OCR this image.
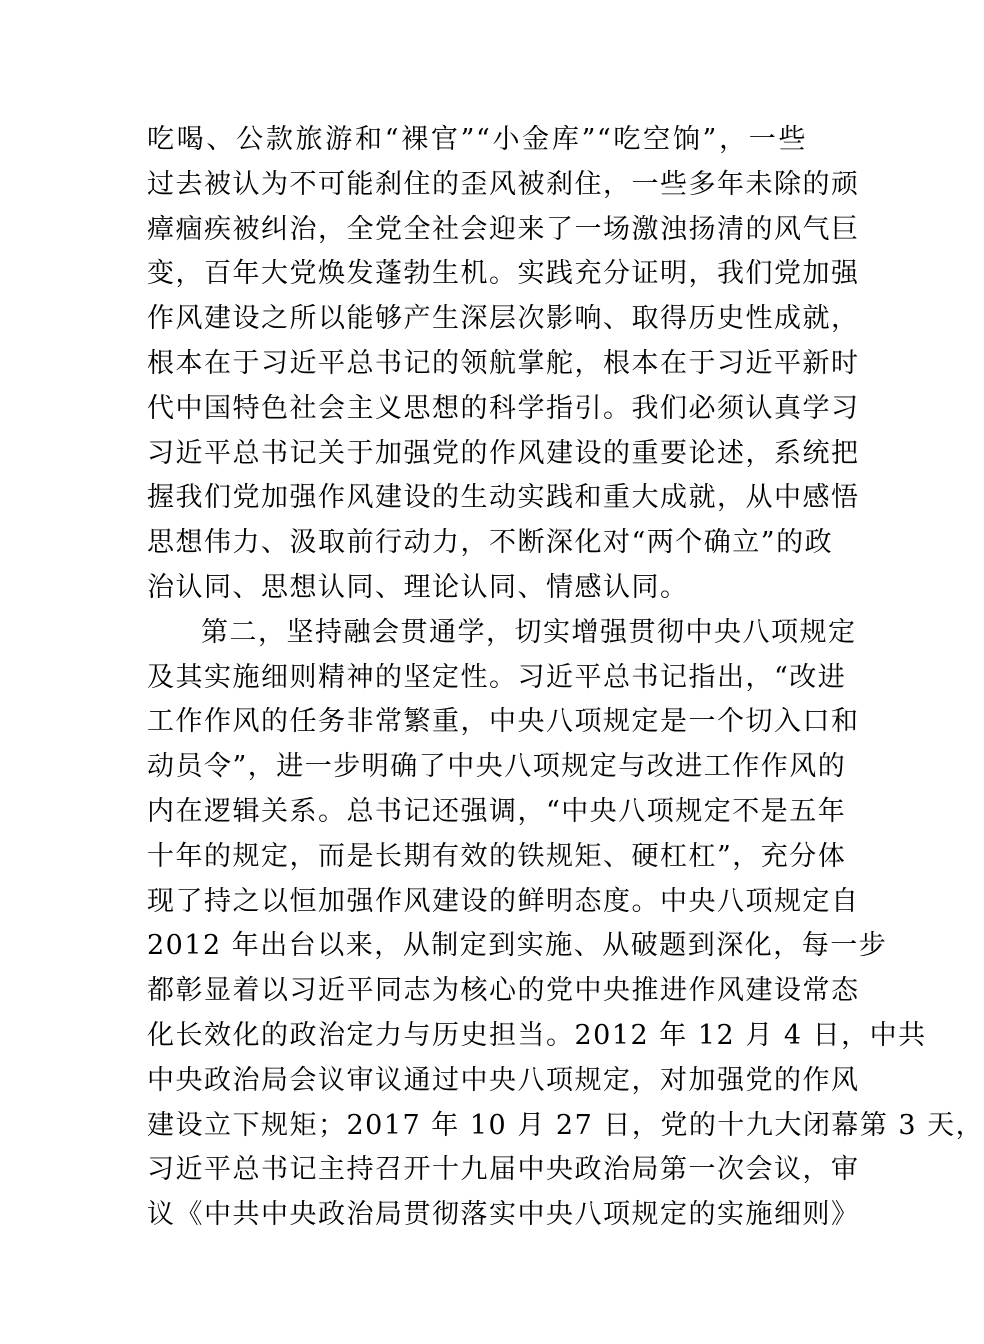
吃喝、公款旅游和“裸官”“小金库”“吃空饷”，一些
过去被认为不可能刹住的歪风被刹住，一些多年未除的顽
瘴痼疾被纠治，全党全社会迎来了一场激浊扬清的风气巨
变，百年大党焕发蓬勃生机。实践充分证明，我们党加强
作风建设之所以能够产生深层次影响、取得历史性成就，
根本在于习近平总书记的领航掌舵，根本在于习近平新时
代中国特色社会主义思想的科学指引。我们必须认真学习
习近平总书记关于加强党的作风建设的重要论述，系统把
握我们党加强作风建设的生动实践和重大成就，从中感悟
思想伟力、汲取前行动力，不断深化对“两个确立”的政
治认同、思想认同、理论认同、情感认同。
第二，坚持融会贯通学，切实增强贯彻中央八项规定
及其实施细则精神的坚定性。习近平总书记指出，“改进
工作作风的任务非常繁重，中央八项规定是一个切入口和
动员令”，进一步明确了中央八项规定与改进工作作风的
内在逻辑关系。总书记还强调，“中央八项规定不是五年
十年的规定，而是长期有效的铁规矩、硬杠杠”，充分体
现了持之以恒加强作风建设的鲜明态度。中央八项规定自
2012 年出台以来，从制定到实施、从破题到深化，每一步
都彰显着以习近平同志为核心的党中央推进作风建设常态
化长效化的政治定力与历史担当。2012 年 12 月 4 日，中共
中央政治局会议审议通过中央八项规定，对加强党的作风
建设立下规矩；2017 年 10 月 27 日，党的十九大闭幕第 3 天，
习近平总书记主持召开十九届中央政治局第一次会议，审
议《中共中央政治局贯彻落实中央八项规定的实施细则》
